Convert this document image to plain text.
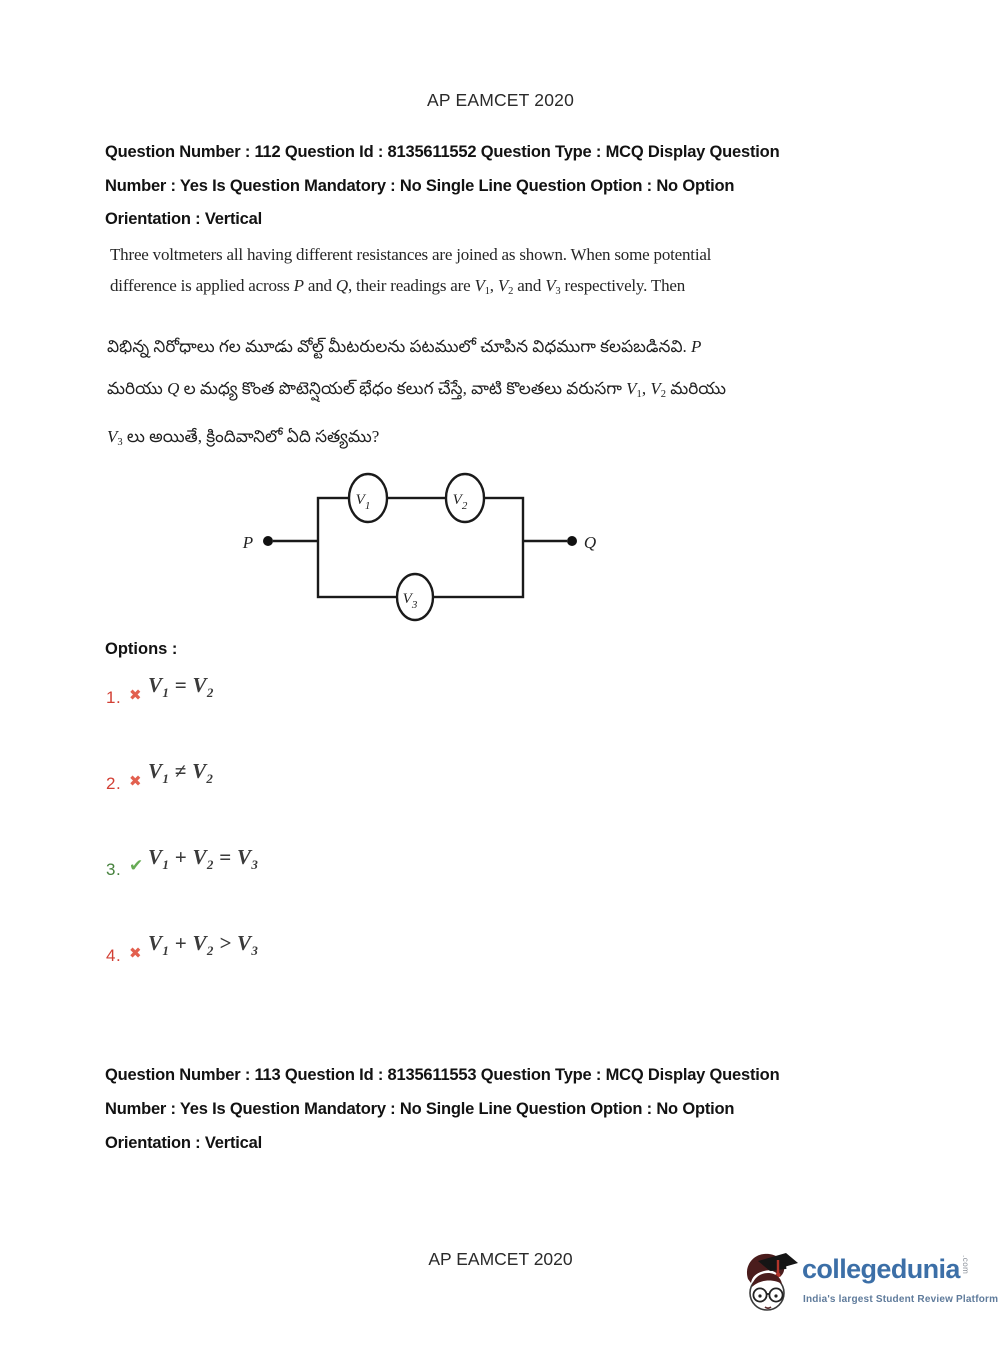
AP EAMCET 2020
Question Number : 112 Question Id : 8135611552 Question Type : MCQ Display Question
Number : Yes Is Question Mandatory : No Single Line Question Option : No Option
Orientation : Vertical
Three voltmeters all having different resistances are joined as shown. When some potential
difference is applied across P and Q, their readings are V1, V2 and V3 respectively. Then
విభిన్న నిరోధాలు గల మూడు వోల్ట్ మీటరులను పటములో చూపిన విధముగా కలపబడినవి. P
మరియు Q ల మధ్య కొంత పొటెన్షియల్ భేధం కలుగ చేస్తే, వాటి కొలతలు వరుసగా V1, V2 మరియు
V3 లు అయితే, క్రిందివానిలో ఏది సత్యము?
P	Q
$V_1$	$V_2$
$V_3$
Options :
1. ✖ $V_1 = V_2$
2. ✖ $V_1 \ne V_2$
3. ✔ $V_1 + V_2 = V_3$
4. ✖ $V_1 + V_2 > V_3$
Question Number : 113 Question Id : 8135611553 Question Type : MCQ Display Question
Number : Yes Is Question Mandatory : No Single Line Question Option : No Option
Orientation : Vertical
AP EAMCET 2020	collegedunia.com
India's largest Student Review Platform
